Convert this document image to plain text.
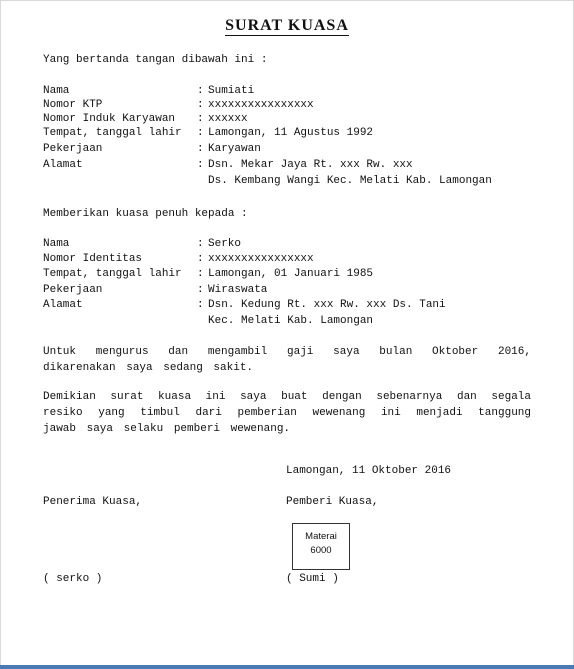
SURAT KUASA
Yang bertanda tangan dibawah ini :
Nama	: Sumiati
Nomor KTP	: xxxxxxxxxxxxxxxx
Nomor Induk Karyawan : xxxxxx
Tempat, tanggal lahir : Lamongan, 11 Agustus 1992
Pekerjaan	: Karyawan
Alamat	: Dsn. Mekar Jaya Rt. xxx Rw. xxx
Ds. Kembang Wangi Kec. Melati Kab. Lamongan
Memberikan kuasa penuh kepada :
Nama	: Serko
Nomor Identitas	: xxxxxxxxxxxxxxxx
Tempat, tanggal lahir : Lamongan, 01 Januari 1985
Pekerjaan	: Wiraswata
Alamat	: Dsn. Kedung Rt. xxx Rw. xxx Ds. Tani
Kec. Melati Kab. Lamongan
Untuk mengurus dan mengambil gaji saya bulan Oktober 2016, dikarenakan saya sedang sakit.
Demikian surat kuasa ini saya buat dengan sebenarnya dan segala resiko yang timbul dari pemberian wewenang ini menjadi tanggung jawab saya selaku pemberi wewenang.
Lamongan, 11 Oktober 2016
Penerima Kuasa,	Pemberi Kuasa,
Materai
6000
( serko )	( Sumi )
